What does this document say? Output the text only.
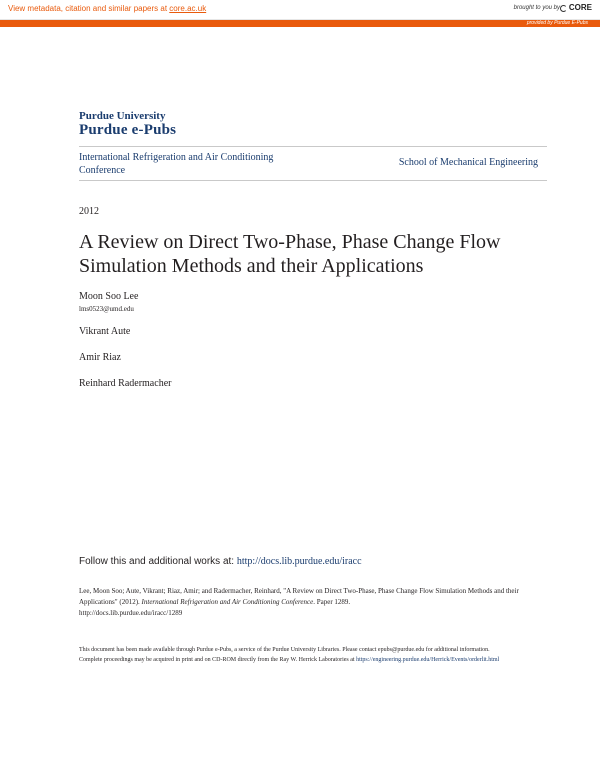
View metadata, citation and similar papers at core.ac.uk	brought to you by CORE
provided by Purdue E-Pubs
Purdue University
Purdue e-Pubs
International Refrigeration and Air Conditioning Conference
School of Mechanical Engineering
2012
A Review on Direct Two-Phase, Phase Change Flow Simulation Methods and their Applications
Moon Soo Lee
lms0523@umd.edu
Vikrant Aute
Amir Riaz
Reinhard Radermacher
Follow this and additional works at: http://docs.lib.purdue.edu/iracc
Lee, Moon Soo; Aute, Vikrant; Riaz, Amir; and Radermacher, Reinhard, "A Review on Direct Two-Phase, Phase Change Flow Simulation Methods and their Applications" (2012). International Refrigeration and Air Conditioning Conference. Paper 1289.
http://docs.lib.purdue.edu/iracc/1289
This document has been made available through Purdue e-Pubs, a service of the Purdue University Libraries. Please contact epubs@purdue.edu for additional information.
Complete proceedings may be acquired in print and on CD-ROM directly from the Ray W. Herrick Laboratories at https://engineering.purdue.edu/Herrick/Events/orderlit.html
